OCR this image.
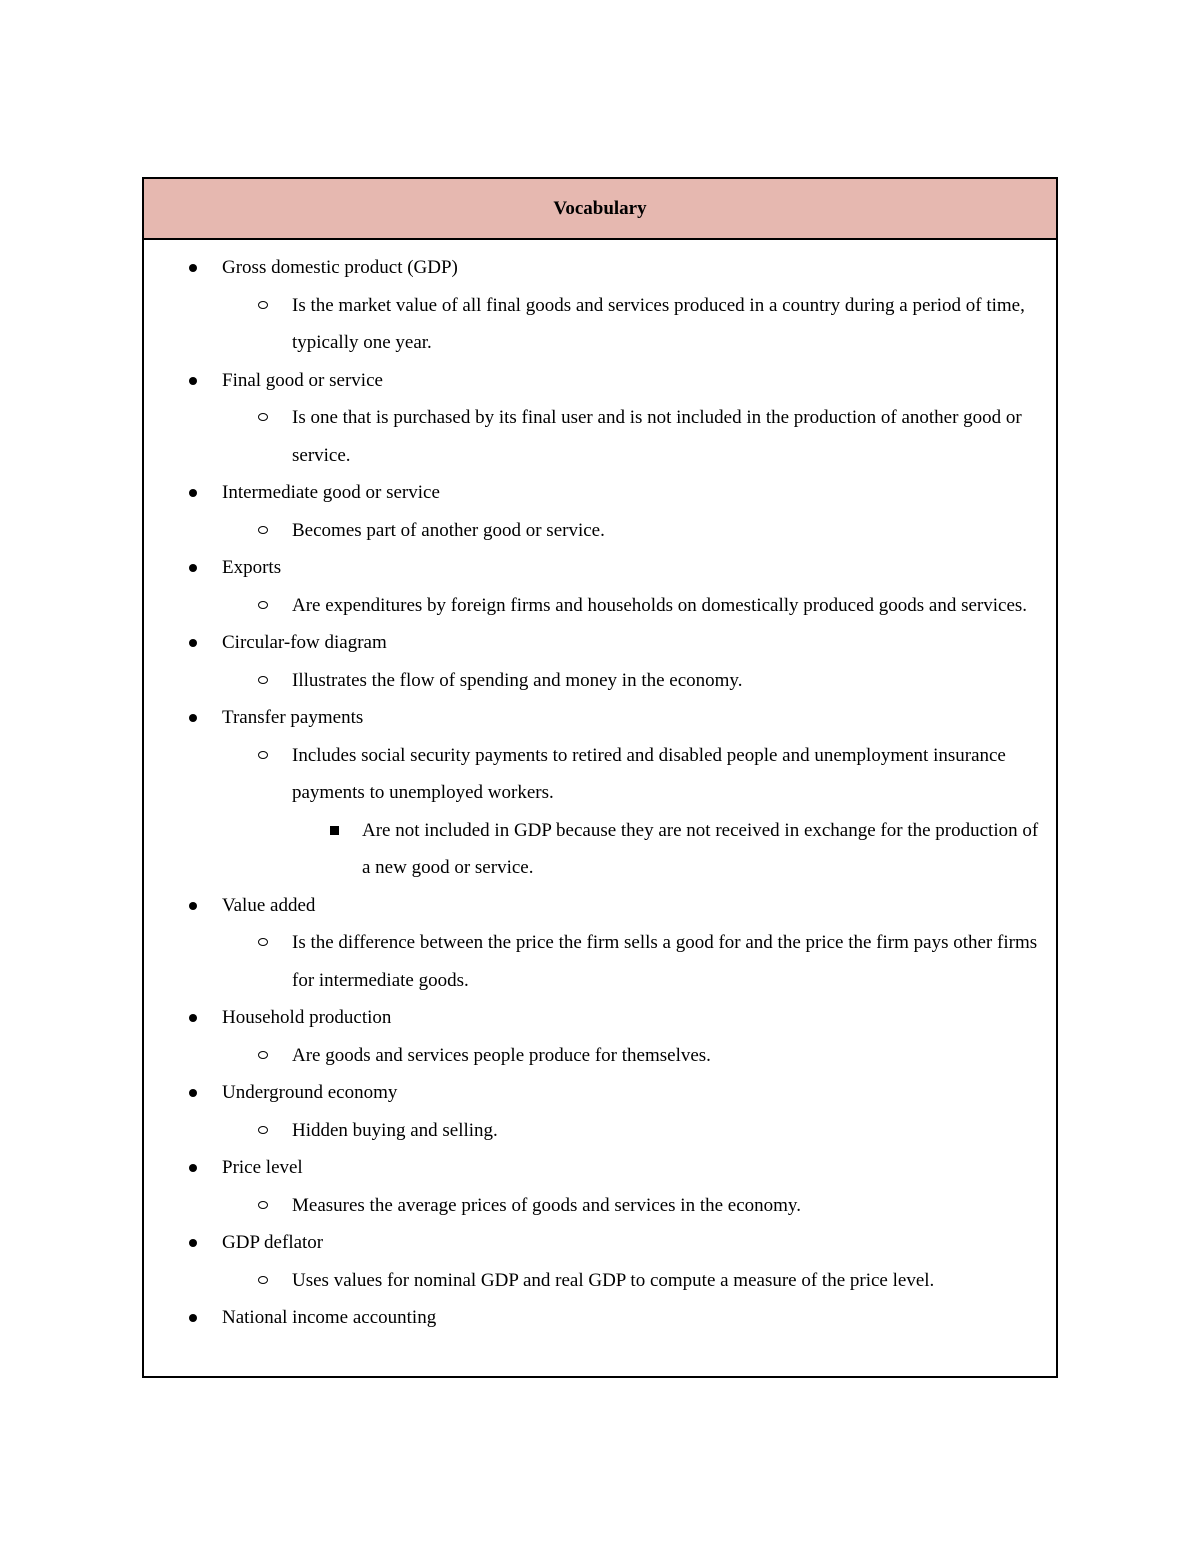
Vocabulary
Gross domestic product (GDP)
Is the market value of all final goods and services produced in a country during a period of time, typically one year.
Final good or service
Is one that is purchased by its final user and is not included in the production of another good or service.
Intermediate good or service
Becomes part of another good or service.
Exports
Are expenditures by foreign firms and households on domestically produced goods and services.
Circular-fow diagram
Illustrates the flow of spending and money in the economy.
Transfer payments
Includes social security payments to retired and disabled people and unemployment insurance payments to unemployed workers.
Are not included in GDP because they are not received in exchange for the production of a new good or service.
Value added
Is the difference between the price the firm sells a good for and the price the firm pays other firms for intermediate goods.
Household production
Are goods and services people produce for themselves.
Underground economy
Hidden buying and selling.
Price level
Measures the average prices of goods and services in the economy.
GDP deflator
Uses values for nominal GDP and real GDP to compute a measure of the price level.
National income accounting
